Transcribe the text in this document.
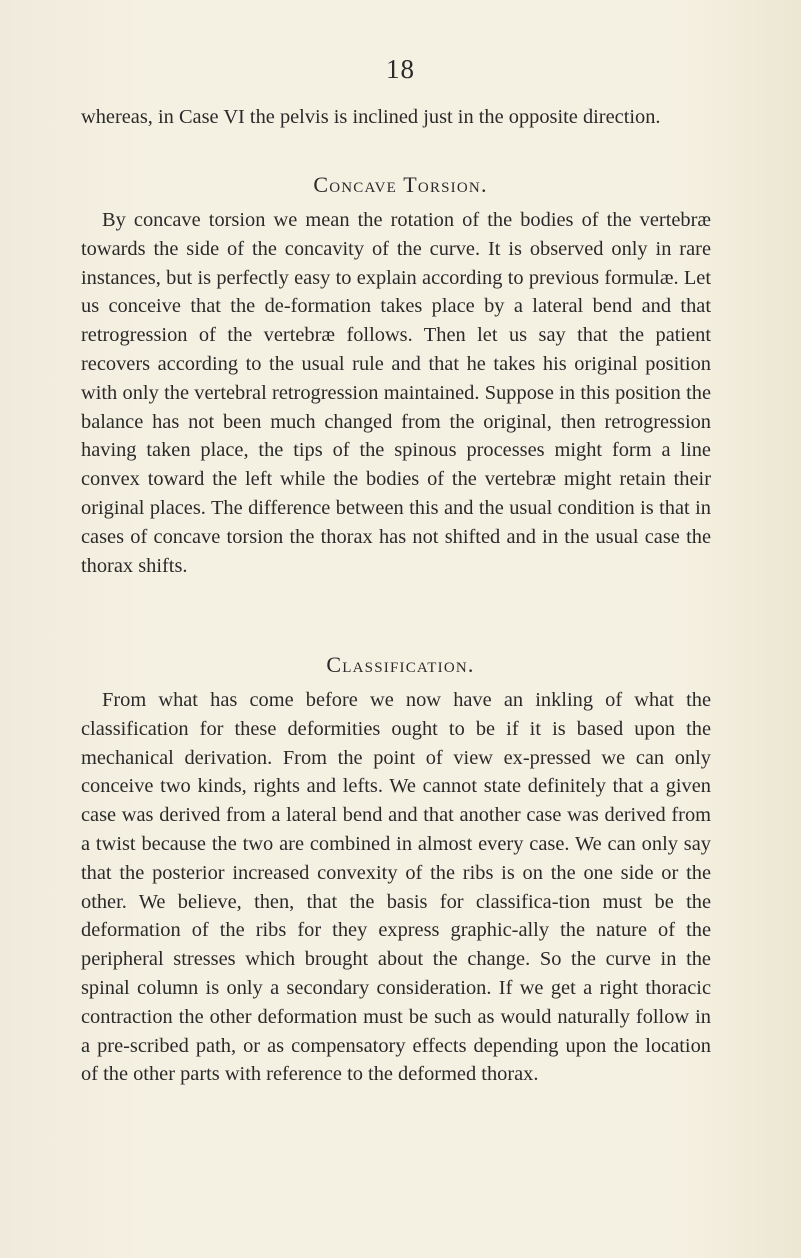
18

whereas, in Case VI the pelvis is inclined just in the opposite direction.

Concave Torsion.

By concave torsion we mean the rotation of the bodies of the vertebræ towards the side of the concavity of the curve. It is observed only in rare instances, but is perfectly easy to explain according to previous formulæ. Let us conceive that the de-formation takes place by a lateral bend and that retrogression of the vertebræ follows. Then let us say that the patient recovers according to the usual rule and that he takes his original position with only the vertebral retrogression maintained. Suppose in this position the balance has not been much changed from the original, then retrogression having taken place, the tips of the spinous processes might form a line convex toward the left while the bodies of the vertebræ might retain their original places. The difference between this and the usual condition is that in cases of concave torsion the thorax has not shifted and in the usual case the thorax shifts.

Classification.

From what has come before we now have an inkling of what the classification for these deformities ought to be if it is based upon the mechanical derivation. From the point of view ex-pressed we can only conceive two kinds, rights and lefts. We cannot state definitely that a given case was derived from a lateral bend and that another case was derived from a twist because the two are combined in almost every case. We can only say that the posterior increased convexity of the ribs is on the one side or the other. We believe, then, that the basis for classifica-tion must be the deformation of the ribs for they express graphic-ally the nature of the peripheral stresses which brought about the change. So the curve in the spinal column is only a secondary consideration. If we get a right thoracic contraction the other deformation must be such as would naturally follow in a pre-scribed path, or as compensatory effects depending upon the location of the other parts with reference to the deformed thorax.
